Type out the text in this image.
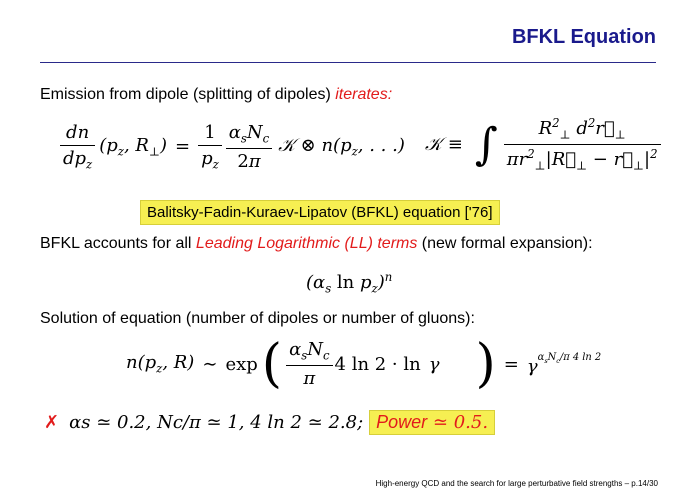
BFKL Equation
Emission from dipole (splitting of dipoles) iterates:
$\frac{dn}{dp_z} (p_z$, $R_\perp) = \frac{1}{p_z} \frac{\alpha_sN_c}{2\pi}$ 𝒦 ⊗ $n(p_z$, . . .) 𝒦 ≡ ∫ $\frac{R^2_\perp d^2r⃗_\perp}{\pi r^2_\perp|R⃗_\perp - r⃗_\perp|^2}$
Balitsky-Fadin-Kuraev-Lipatov (BFKL) equation ['76]
BFKL accounts for all Leading Logarithmic (LL) terms (new formal expansion):
($\alpha_s$ $\ln p_z)^n$
Solution of equation (number of dipoles or number of gluons):
$n(p_z$, R) ∼ exp ( $\frac{\alpha_sN_c}{\pi} 4$ ln 2 · ln γ ) = $\gamma^{\alpha_sN_c/\pi 4 ln 2}$
✗ αs ≃ 0.2, Nc/π ≃ 1, 4 ln 2 ≃ 2.8; Power ≃ 0.5.
High-energy QCD and the search for large perturbative field strengths – p.14/30
